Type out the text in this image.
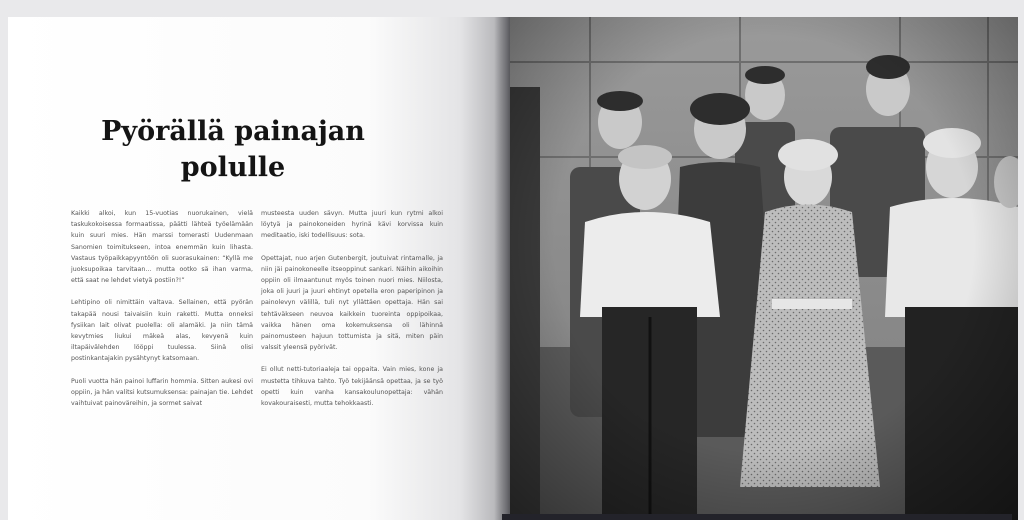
Pyörällä painajan
polulle

Kaikki alkoi, kun 15-vuotias nuorukainen, vielä taskukokoisessa formaatissa, päätti lähteä työelämään kuin suuri mies. Hän marssi tomerasti Uudenmaan Sanomien toimitukseen, intoa enemmän kuin lihasta. Vastaus työpaikkapyyntöön oli suorasukainen: “Kyllä me juoksupoikaa tarvitaan… mutta ootko sä ihan varma, että saat ne lehdet vietyä postiin?!”

Lehtipino oli nimittäin valtava. Sellainen, että pyörän takapää nousi taivaisiin kuin raketti. Mutta onneksi fysiikan lait olivat puolella: oli alamäki. Ja niin tämä kevytmies liukui mäkeä alas, kevyenä kuin iltapäivälehden lööppi tuulessa. Siinä olisi postinkantajakin pysähtynyt katsomaan.

Puoli vuotta hän painoi luffarin hommia. Sitten aukesi ovi oppiin, ja hän valitsi kutsumuksensa: painajan tie. Lehdet vaihtuivat painoväreihin, ja sormet saivat

musteesta uuden sävyn. Mutta juuri kun rytmi alkoi löytyä ja painokoneiden hyrinä kävi korvissa kuin meditaatio, iski todellisuus: sota.

Opettajat, nuo arjen Gutenbergit, joutuivat rintamalle, ja niin jäi painokoneelle itseoppinut sankari. Näihin aikoihin oppiin oli ilmaantunut myös toinen nuori mies. Niilosta, joka oli juuri ja juuri ehtinyt opetella eron paperipinon ja painolevyn välillä, tuli nyt yllättäen opettaja. Hän sai tehtäväkseen neuvoa kaikkein tuoreinta oppipoikaa, vaikka hänen oma kokemuksensa oli lähinnä painomusteen hajuun tottumista ja sitä, miten päin valssit yleensä pyörivät.

Ei ollut netti-tutoriaaleja tai oppaita. Vain mies, kone ja mustetta tihkuva tahto. Työ tekijäänsä opettaa, ja se työ opetti kuin vanha kansakoulunopettaja: vähän kovakouraisesti, mutta tehokkaasti.
